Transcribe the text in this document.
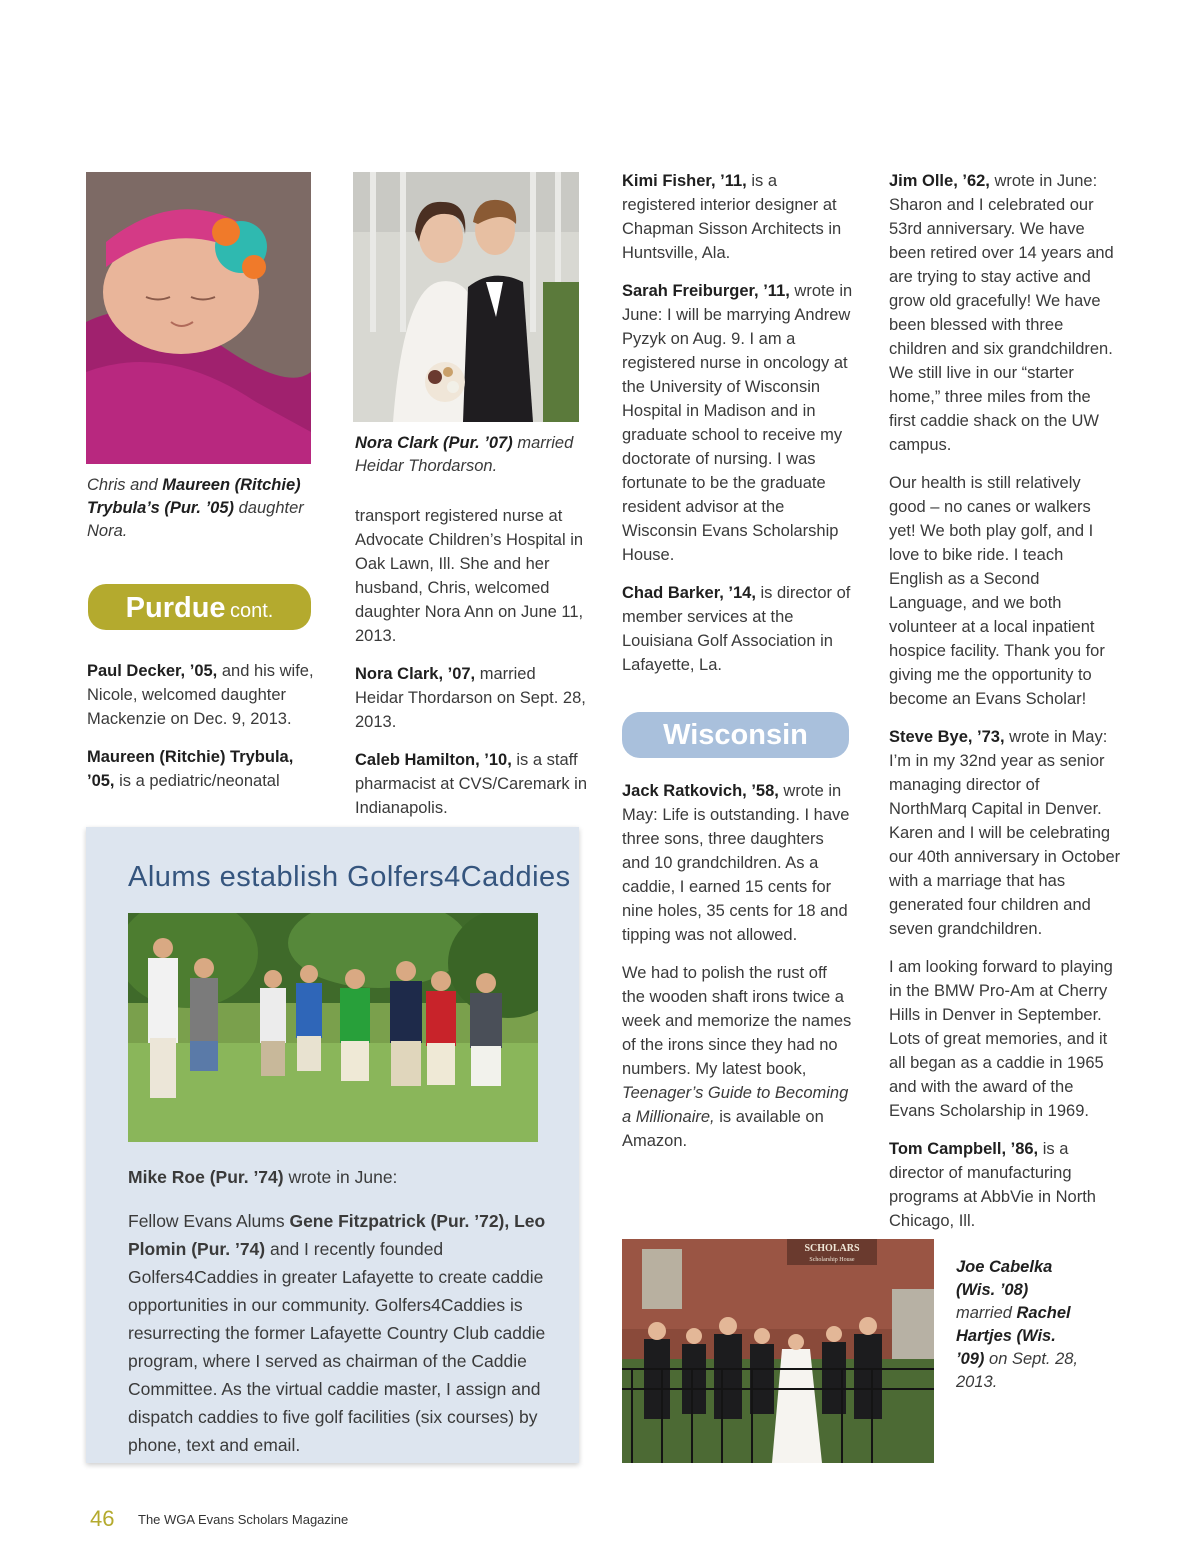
Chris and Maureen (Ritchie) Trybula’s (Pur. ’05) daughter Nora.
Purdue cont.

Paul Decker, ’05, and his wife, Nicole, welcomed daughter Mackenzie on Dec. 9, 2013.

Maureen (Ritchie) Trybula, ’05, is a pediatric/neonatal

Nora Clark (Pur. ’07) married Heidar Thordarson.

transport registered nurse at Advocate Children’s Hospital in Oak Lawn, Ill. She and her husband, Chris, welcomed daughter Nora Ann on June 11, 2013.

Nora Clark, ’07, married Heidar Thordarson on Sept. 28, 2013.

Caleb Hamilton, ’10, is a staff pharmacist at CVS/Caremark in Indianapolis.

Alums establish Golfers4Caddies

Mike Roe (Pur. ’74) wrote in June:

Fellow Evans Alums Gene Fitzpatrick (Pur. ’72), Leo Plomin (Pur. ’74) and I recently founded Golfers4Caddies in greater Lafayette to create caddie opportunities in our community. Golfers4Caddies is resurrecting the former Lafayette Country Club caddie program, where I served as chairman of the Caddie Committee. As the virtual caddie master, I assign and dispatch caddies to five golf facilities (six courses) by phone, text and email.

Kimi Fisher, ’11, is a registered interior designer at Chapman Sisson Architects in Huntsville, Ala.

Sarah Freiburger, ’11, wrote in June: I will be marrying Andrew Pyzyk on Aug. 9. I am a registered nurse in oncology at the University of Wisconsin Hospital in Madison and in graduate school to receive my doctorate of nursing. I was fortunate to be the graduate resident advisor at the Wisconsin Evans Scholarship House.

Chad Barker, ’14, is director of member services at the Louisiana Golf Association in Lafayette, La.

Wisconsin

Jack Ratkovich, ’58, wrote in May: Life is outstanding. I have three sons, three daughters and 10 grandchildren. As a caddie, I earned 15 cents for nine holes, 35 cents for 18 and tipping was not allowed.

We had to polish the rust off the wooden shaft irons twice a week and memorize the names of the irons since they had no numbers. My latest book, Teenager’s Guide to Becoming a Millionaire, is available on Amazon.

Jim Olle, ’62, wrote in June: Sharon and I celebrated our 53rd anniversary. We have been retired over 14 years and are trying to stay active and grow old gracefully! We have been blessed with three children and six grandchildren. We still live in our “starter home,” three miles from the first caddie shack on the UW campus.

Our health is still relatively good – no canes or walkers yet! We both play golf, and I love to bike ride. I teach English as a Second Language, and we both volunteer at a local inpatient hospice facility. Thank you for giving me the opportunity to become an Evans Scholar!

Steve Bye, ’73, wrote in May: I’m in my 32nd year as senior managing director of NorthMarq Capital in Denver. Karen and I will be celebrating our 40th anniversary in October with a marriage that has generated four children and seven grandchildren.

I am looking forward to playing in the BMW Pro-Am at Cherry Hills in Denver in September. Lots of great memories, and it all began as a caddie in 1965 and with the award of the Evans Scholarship in 1969.

Tom Campbell, ’86, is a director of manufacturing programs at AbbVie in North Chicago, Ill.

SCHOLARS
Scholarship House	Joe Cabelka (Wis. ’08) married Rachel Hartjes (Wis. ’09) on Sept. 28, 2013.
46 The WGA Evans Scholars Magazine
